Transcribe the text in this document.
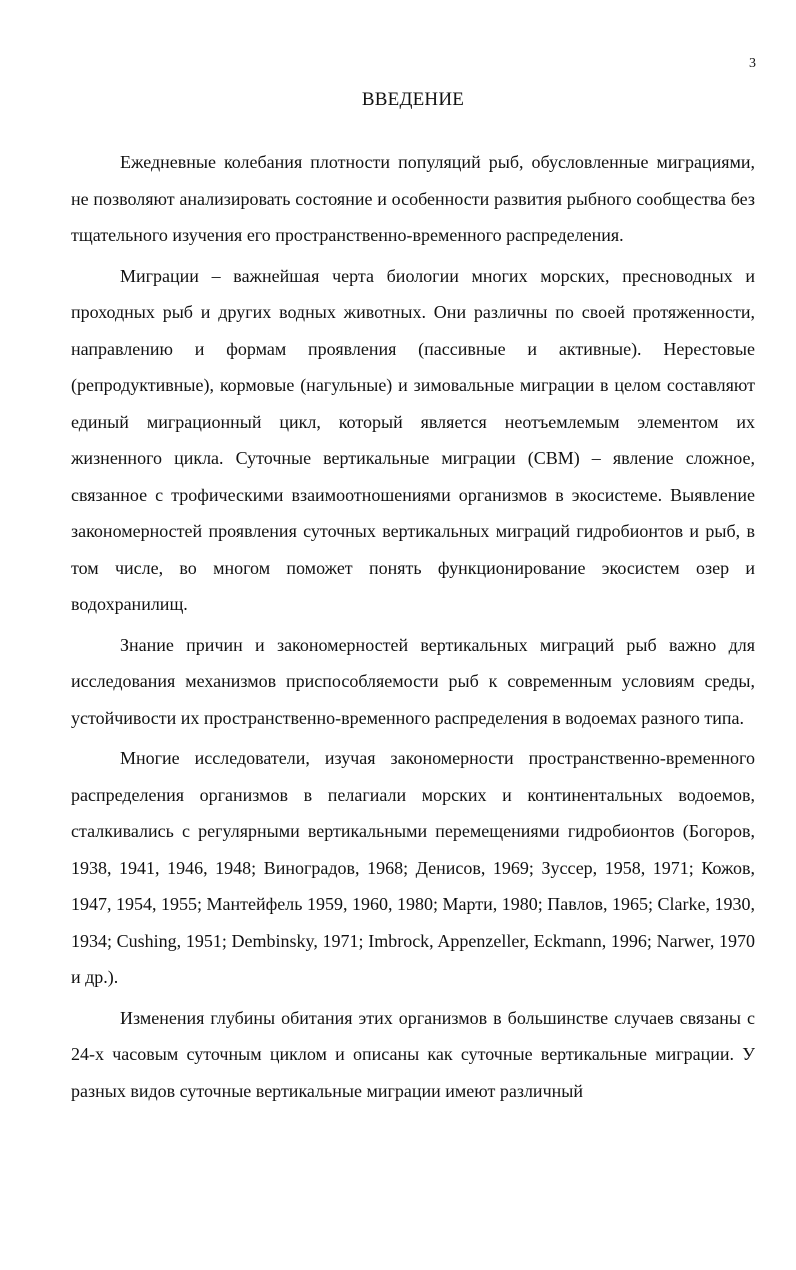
3
ВВЕДЕНИЕ

Ежедневные колебания плотности популяций рыб, обусловленные миграциями, не позволяют анализировать состояние и особенности развития рыбного сообщества без тщательного изучения его пространственно-временного распределения.

Миграции – важнейшая черта биологии многих морских, пресноводных и проходных рыб и других водных животных. Они различны по своей протяженности, направлению и формам проявления (пассивные и активные). Нерестовые (репродуктивные), кормовые (нагульные) и зимовальные миграции в целом составляют единый миграционный цикл, который является неотъемлемым элементом их жизненного цикла. Суточные вертикальные миграции (СВМ) – явление сложное, связанное с трофическими взаимоотношениями организмов в экосистеме. Выявление закономерностей проявления суточных вертикальных миграций гидробионтов и рыб, в том числе, во многом поможет понять функционирование экосистем озер и водохранилищ.

Знание причин и закономерностей вертикальных миграций рыб важно для исследования механизмов приспособляемости рыб к современным условиям среды, устойчивости их пространственно-временного распределения в водоемах разного типа.

Многие исследователи, изучая закономерности пространственно-временного распределения организмов в пелагиали морских и континентальных водоемов, сталкивались с регулярными вертикальными перемещениями гидробионтов (Богоров, 1938, 1941, 1946, 1948; Виноградов, 1968; Денисов, 1969; Зуссер, 1958, 1971; Кожов, 1947, 1954, 1955; Мантейфель 1959, 1960, 1980; Марти, 1980; Павлов, 1965; Clarke, 1930, 1934; Cushing, 1951; Dembinsky, 1971; Imbrock, Appenzeller, Eckmann, 1996; Narwer, 1970 и др.).

Изменения глубины обитания этих организмов в большинстве случаев связаны с 24-х часовым суточным циклом и описаны как суточные вертикальные миграции. У разных видов суточные вертикальные миграции имеют различный
